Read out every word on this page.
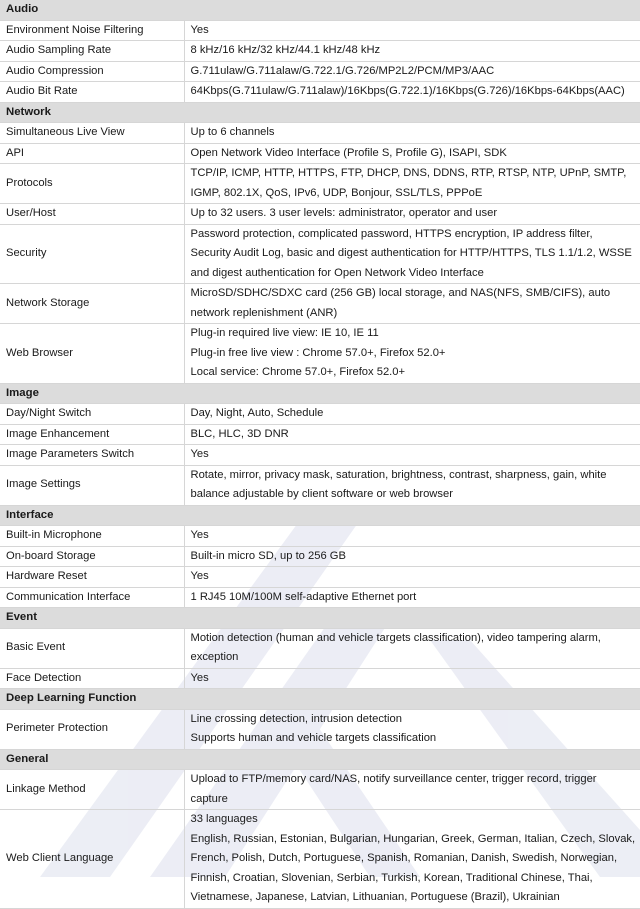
Audio	
Environment Noise Filtering	Yes

Audio Sampling Rate	8 kHz/16 kHz/32 kHz/44.1 kHz/48 kHz

Audio Compression	G.711ulaw/G.711alaw/G.722.1/G.726/MP2L2/PCM/MP3/AAC

Audio Bit Rate	64Kbps(G.711ulaw/G.711alaw)/16Kbps(G.722.1)/16Kbps(G.726)/16Kbps-64Kbps(AAC)

Network	
Simultaneous Live View	Up to 6 channels

API	Open Network Video Interface (Profile S, Profile G), ISAPI, SDK

Protocols	TCP/IP, ICMP, HTTP, HTTPS, FTP, DHCP, DNS, DDNS, RTP, RTSP, NTP, UPnP, SMTP,
IGMP, 802.1X, QoS, IPv6, UDP, Bonjour, SSL/TLS, PPPoE

User/Host	Up to 32 users. 3 user levels: administrator, operator and user

Security	Password protection, complicated password, HTTPS encryption, IP address filter,
Security Audit Log, basic and digest authentication for HTTP/HTTPS, TLS 1.1/1.2, WSSE
and digest authentication for Open Network Video Interface

Network Storage	MicroSD/SDHC/SDXC card (256 GB) local storage, and NAS(NFS, SMB/CIFS), auto
network replenishment (ANR)

Web Browser	Plug-in required live view: IE 10, IE 11
Plug-in free live view : Chrome 57.0+, Firefox 52.0+
Local service: Chrome 57.0+, Firefox 52.0+

Image	
Day/Night Switch	Day, Night, Auto, Schedule

Image Enhancement	BLC, HLC, 3D DNR

Image Parameters Switch	Yes

Image Settings	Rotate, mirror, privacy mask, saturation, brightness, contrast, sharpness, gain, white
balance adjustable by client software or web browser

Interface	
Built-in Microphone	Yes

On-board Storage	Built-in micro SD, up to 256 GB

Hardware Reset	Yes

Communication Interface	1 RJ45 10M/100M self-adaptive Ethernet port

Event	
Basic Event	Motion detection (human and vehicle targets classification), video tampering alarm,
exception

Face Detection	Yes

Deep Learning Function	
Perimeter Protection	Line crossing detection, intrusion detection
Supports human and vehicle targets classification

General	
Linkage Method	Upload to FTP/memory card/NAS, notify surveillance center, trigger record, trigger
capture

Web Client Language	33 languages
English, Russian, Estonian, Bulgarian, Hungarian, Greek, German, Italian, Czech, Slovak,
French, Polish, Dutch, Portuguese, Spanish, Romanian, Danish, Swedish, Norwegian,
Finnish, Croatian, Slovenian, Serbian, Turkish, Korean, Traditional Chinese, Thai,
Vietnamese, Japanese, Latvian, Lithuanian, Portuguese (Brazil), Ukrainian
